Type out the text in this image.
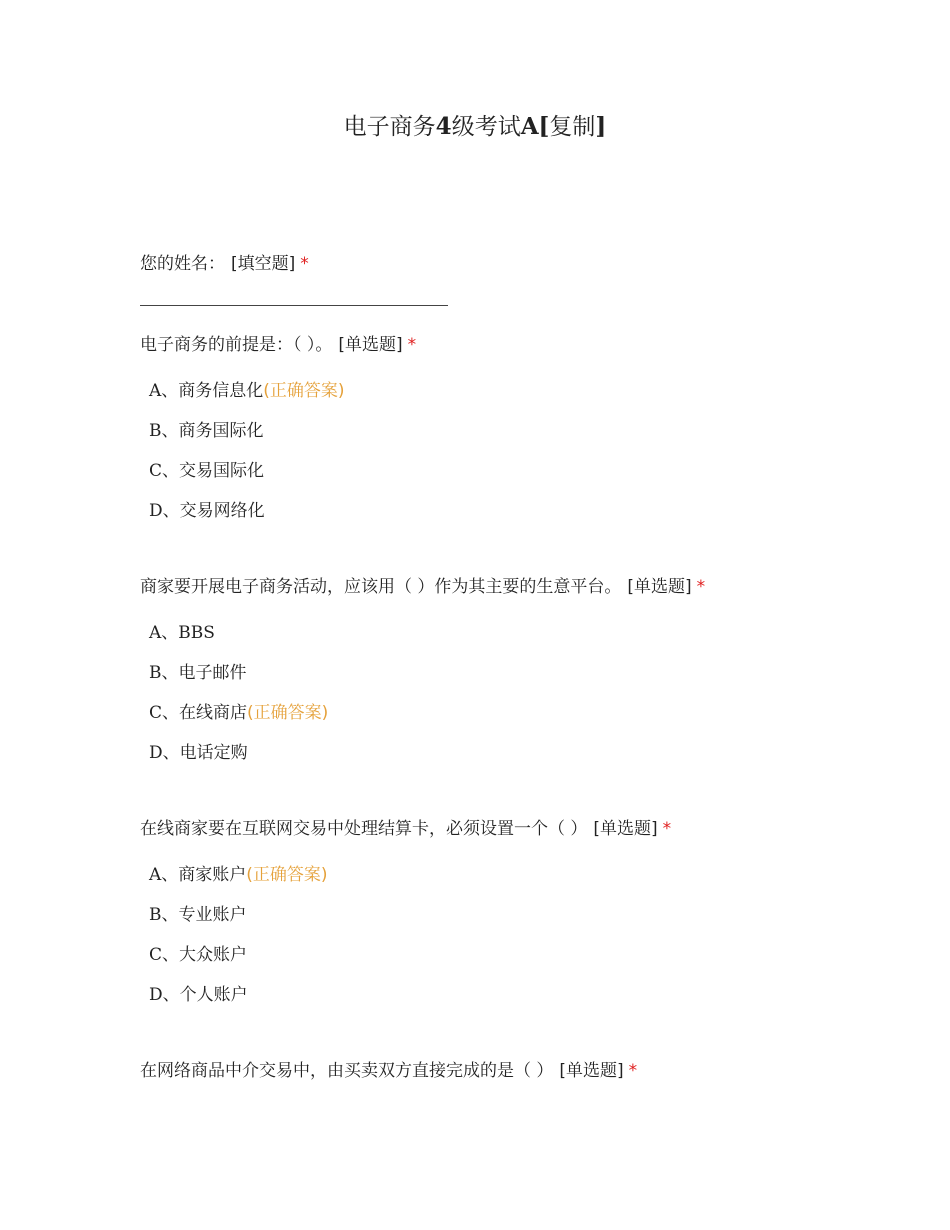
电子商务4级考试A[复制]
您的姓名： [填空题] *
电子商务的前提是：（ ）。 [单选题] *
A、商务信息化(正确答案)
B、商务国际化
C、交易国际化
D、交易网络化
商家要开展电子商务活动，应该用（ ）作为其主要的生意平台。 [单选题] *
A、BBS
B、电子邮件
C、在线商店(正确答案)
D、电话定购
在线商家要在互联网交易中处理结算卡，必须设置一个（ ） [单选题] *
A、商家账户(正确答案)
B、专业账户
C、大众账户
D、个人账户
在网络商品中介交易中，由买卖双方直接完成的是（ ） [单选题] *
